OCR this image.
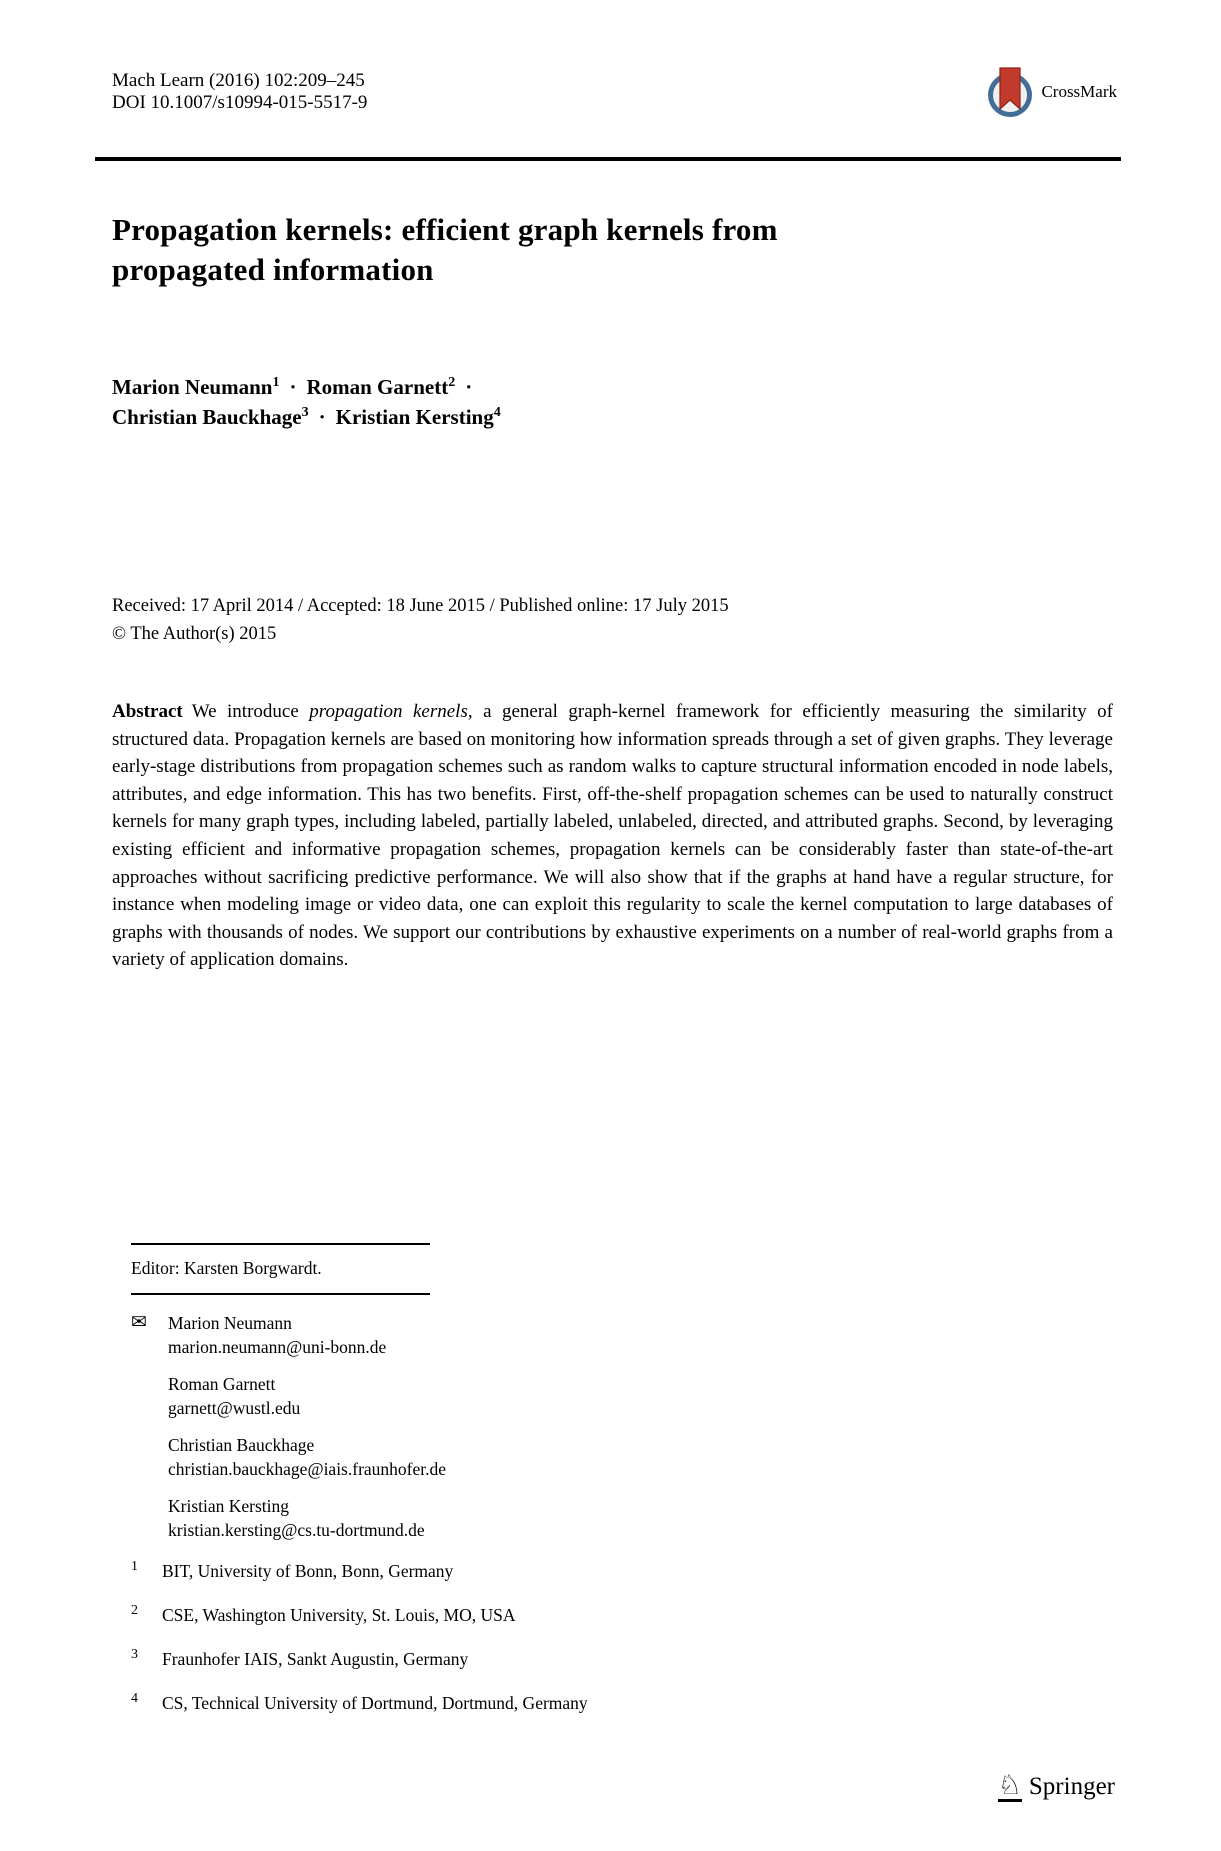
Mach Learn (2016) 102:209–245
DOI 10.1007/s10994-015-5517-9
CrossMark
Propagation kernels: efficient graph kernels from
propagated information
Marion Neumann$^1$ · Roman Garnett$^2$ ·
Christian Bauckhage$^3$ · Kristian Kersting$^4$
Received: 17 April 2014 / Accepted: 18 June 2015 / Published online: 17 July 2015
© The Author(s) 2015

Abstract We introduce propagation kernels, a general graph-kernel framework for efficiently measuring the similarity of structured data. Propagation kernels are based on monitoring how information spreads through a set of given graphs. They leverage early-stage distributions from propagation schemes such as random walks to capture structural information encoded in node labels, attributes, and edge information. This has two benefits. First, off-the-shelf propagation schemes can be used to naturally construct kernels for many graph types, including labeled, partially labeled, unlabeled, directed, and attributed graphs. Second, by leveraging existing efficient and informative propagation schemes, propagation kernels can be considerably faster than state-of-the-art approaches without sacrificing predictive performance. We will also show that if the graphs at hand have a regular structure, for instance when modeling image or video data, one can exploit this regularity to scale the kernel computation to large databases of graphs with thousands of nodes. We support our contributions by exhaustive experiments on a number of real-world graphs from a variety of application domains.

Editor: Karsten Borgwardt.
✉	Marion Neumann
marion.neumann@uni-bonn.de
Roman Garnett
garnett@wustl.edu
Christian Bauckhage
christian.bauckhage@iais.fraunhofer.de
Kristian Kersting
kristian.kersting@cs.tu-dortmund.de
1 BIT, University of Bonn, Bonn, Germany
2 CSE, Washington University, St. Louis, MO, USA
3 Fraunhofer IAIS, Sankt Augustin, Germany
4 CS, Technical University of Dortmund, Dortmund, Germany
♘ Springer
